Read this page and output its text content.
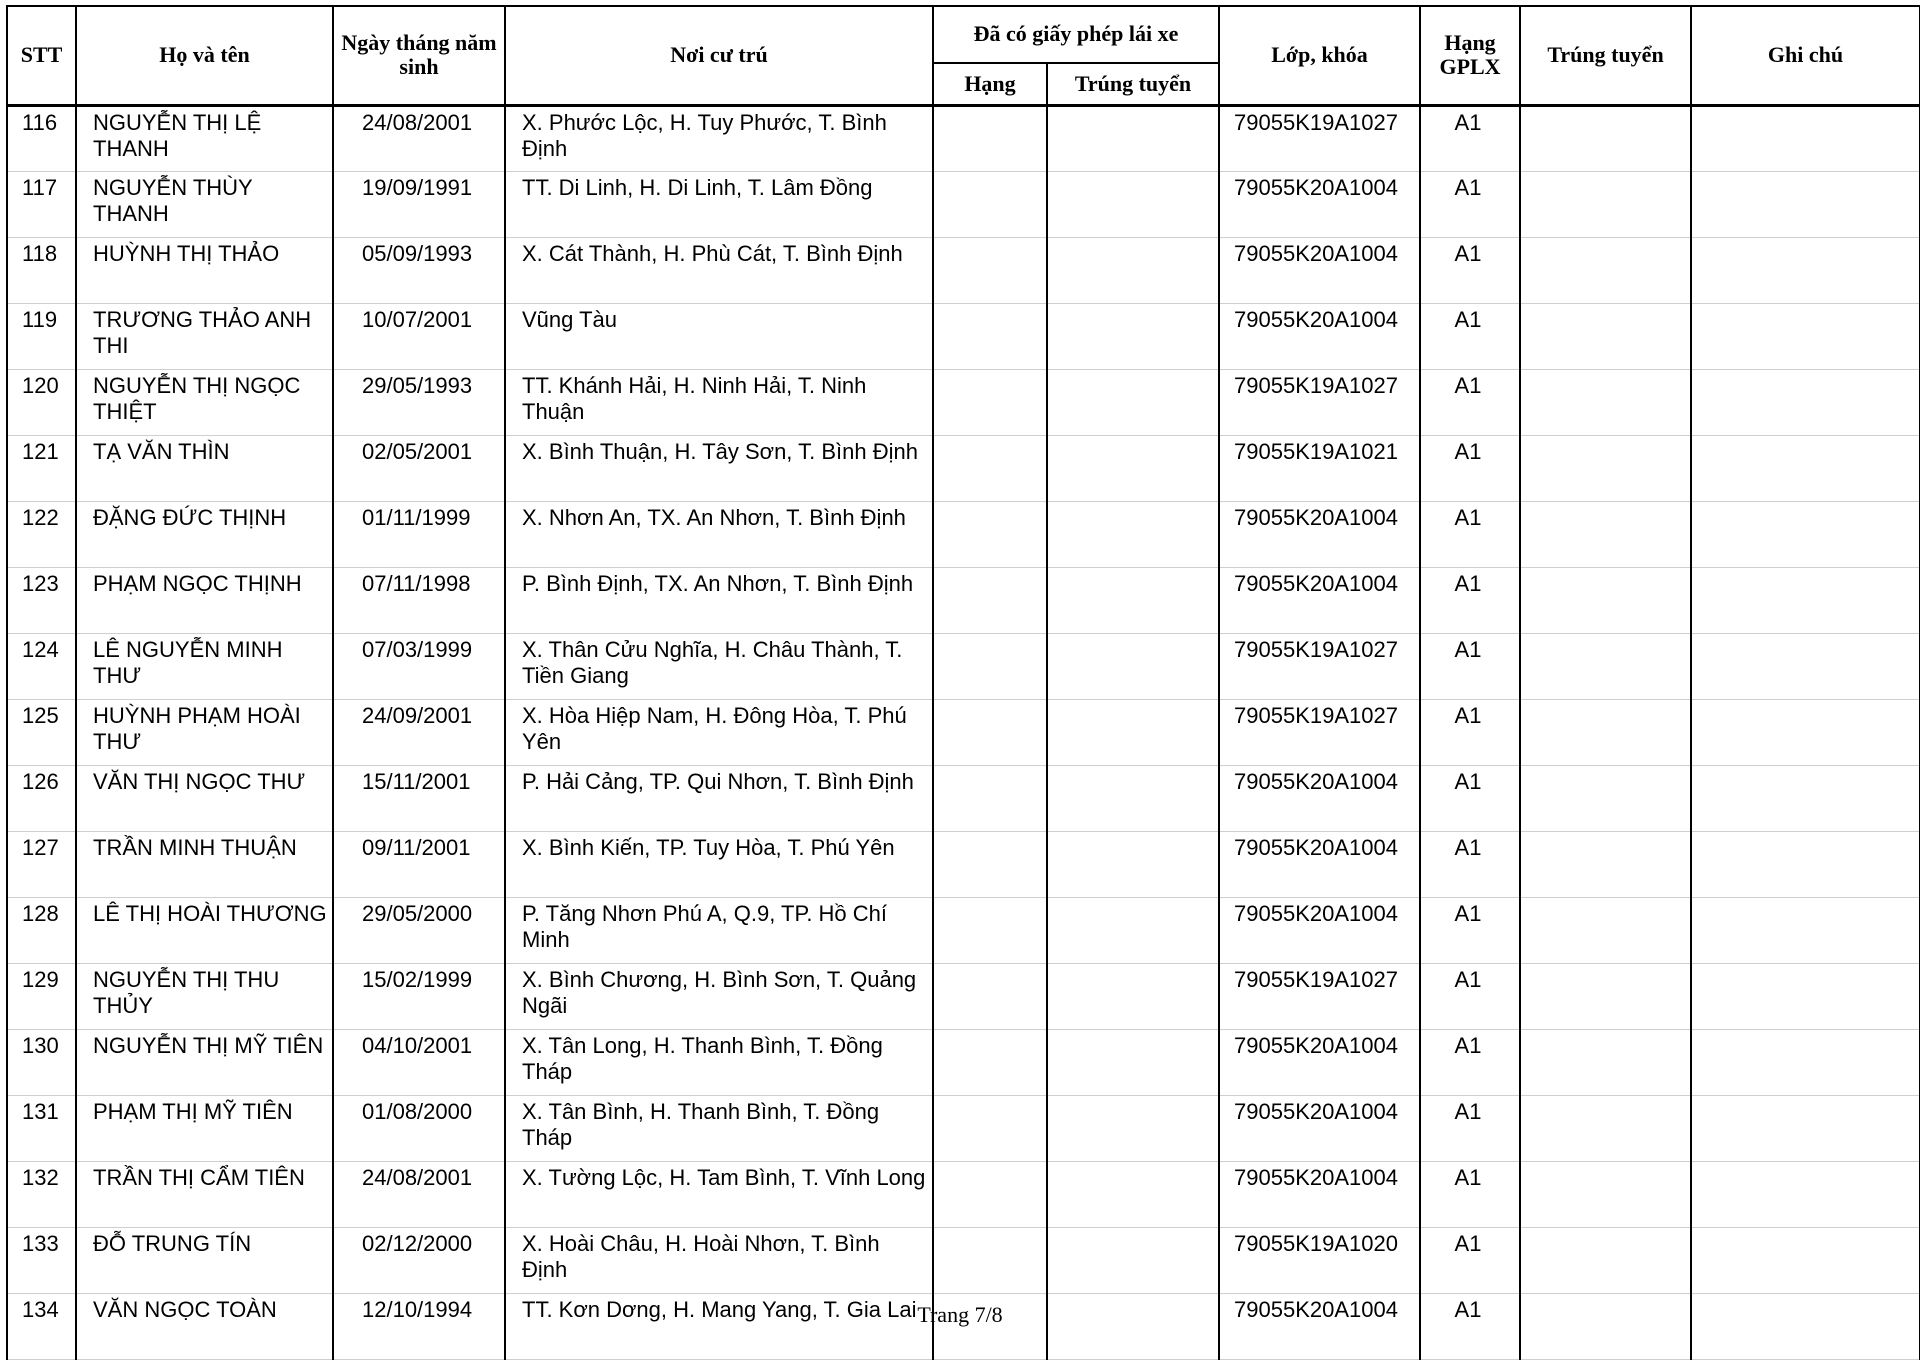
STT	Họ và tên	Ngày tháng năm sinh	Nơi cư trú	Đã có giấy phép lái xe		Lớp, khóa	Hạng GPLX	Trúng tuyển	Ghi chú
				Hạng	Trúng tuyển				
116	NGUYỄN THỊ LỆ THANH	24/08/2001	X. Phước Lộc, H. Tuy Phước, T. Bình Định			79055K19A1027	A1		
117	NGUYỄN THÙY THANH	19/09/1991	TT. Di Linh, H. Di Linh, T. Lâm Đồng			79055K20A1004	A1		
118	HUỲNH THỊ THẢO	05/09/1993	X. Cát Thành, H. Phù Cát, T. Bình Định			79055K20A1004	A1		
119	TRƯƠNG THẢO ANH THI	10/07/2001	Vũng Tàu			79055K20A1004	A1		
120	NGUYỄN THỊ NGỌC THIỆT	29/05/1993	TT. Khánh Hải, H. Ninh Hải, T. Ninh Thuận			79055K19A1027	A1		
121	TẠ VĂN THÌN	02/05/2001	X. Bình Thuận, H. Tây Sơn, T. Bình Định			79055K19A1021	A1		
122	ĐẶNG ĐỨC THỊNH	01/11/1999	X. Nhơn An, TX. An Nhơn, T. Bình Định			79055K20A1004	A1		
123	PHẠM NGỌC THỊNH	07/11/1998	P. Bình Định, TX. An Nhơn, T. Bình Định			79055K20A1004	A1		
124	LÊ NGUYỄN MINH THƯ	07/03/1999	X. Thân Cửu Nghĩa, H. Châu Thành, T. Tiền Giang			79055K19A1027	A1		
125	HUỲNH PHẠM HOÀI THƯ	24/09/2001	X. Hòa Hiệp Nam, H. Đông Hòa, T. Phú Yên			79055K19A1027	A1		
126	VĂN THỊ NGỌC THƯ	15/11/2001	P. Hải Cảng, TP. Qui Nhơn, T. Bình Định			79055K20A1004	A1		
127	TRẦN MINH THUẬN	09/11/2001	X. Bình Kiến, TP. Tuy Hòa, T. Phú Yên			79055K20A1004	A1		
128	LÊ THỊ HOÀI THƯƠNG	29/05/2000	P. Tăng Nhơn Phú A, Q.9, TP. Hồ Chí Minh			79055K20A1004	A1		
129	NGUYỄN THỊ THU THỦY	15/02/1999	X. Bình Chương, H. Bình Sơn, T. Quảng Ngãi			79055K19A1027	A1		
130	NGUYỄN THỊ MỸ TIÊN	04/10/2001	X. Tân Long, H. Thanh Bình, T. Đồng Tháp			79055K20A1004	A1		
131	PHẠM THỊ MỸ TIÊN	01/08/2000	X. Tân Bình, H. Thanh Bình, T. Đồng Tháp			79055K20A1004	A1		
132	TRẦN THỊ CẨM TIÊN	24/08/2001	X. Tường Lộc, H. Tam Bình, T. Vĩnh Long			79055K20A1004	A1		
133	ĐỖ TRUNG TÍN	02/12/2000	X. Hoài Châu, H. Hoài Nhơn, T. Bình Định			79055K19A1020	A1		
134	VĂN NGỌC TOÀN	12/10/1994	TT. Kơn Dơng, H. Mang Yang, T. Gia Lai			79055K20A1004	A1		
Trang 7/8
